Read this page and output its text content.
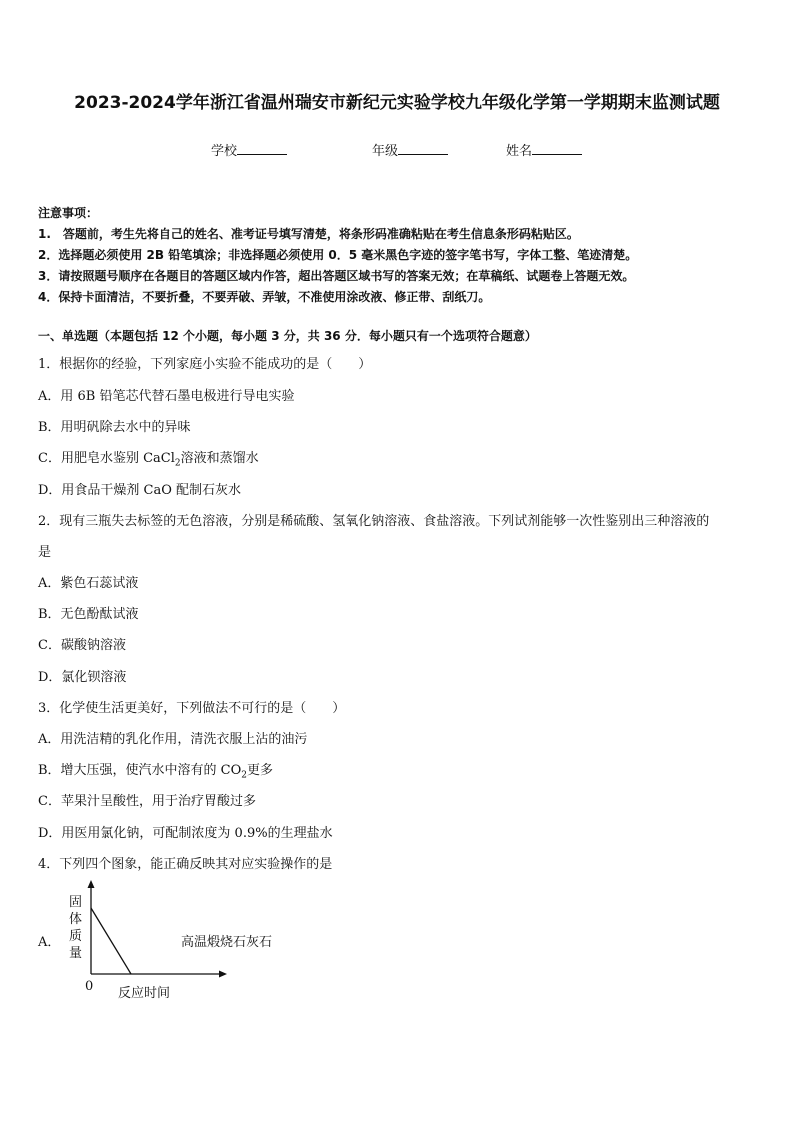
2023-2024学年浙江省温州瑞安市新纪元实验学校九年级化学第一学期期末监测试题
学校	年级	姓名

注意事项：

1.　答题前，考生先将自己的姓名、准考证号填写清楚，将条形码准确粘贴在考生信息条形码粘贴区。

2．选择题必须使用 2B 铅笔填涂；非选择题必须使用 0．5 毫米黑色字迹的签字笔书写，字体工整、笔迹清楚。

3．请按照题号顺序在各题目的答题区域内作答，超出答题区域书写的答案无效；在草稿纸、试题卷上答题无效。

4．保持卡面清洁，不要折叠，不要弄破、弄皱，不准使用涂改液、修正带、刮纸刀。

一、单选题（本题包括 12 个小题，每小题 3 分，共 36 分．每小题只有一个选项符合题意）
1．根据你的经验，下列家庭小实验不能成功的是（　　）
A．用 6B 铅笔芯代替石墨电极进行导电实验
B．用明矾除去水中的异味
C．用肥皂水鉴别 CaCl$_2$溶液和蒸馏水
D．用食品干燥剂 CaO 配制石灰水
2．现有三瓶失去标签的无色溶液，分别是稀硫酸、氢氧化钠溶液、食盐溶液。下列试剂能够一次性鉴别出三种溶液的
是
A．紫色石蕊试液
B．无色酚酞试液
C．碳酸钠溶液
D．氯化钡溶液
3．化学使生活更美好，下列做法不可行的是（　　）
A．用洗洁精的乳化作用，清洗衣服上沾的油污
B．增大压强，使汽水中溶有的 $CO_2$更多
C．苹果汁呈酸性，用于治疗胃酸过多
D．用医用氯化钠，可配制浓度为 0.9%的生理盐水
4．下列四个图象，能正确反映其对应实验操作的是
A．
固
体
质
量
0 反应时间
高温煅烧石灰石
